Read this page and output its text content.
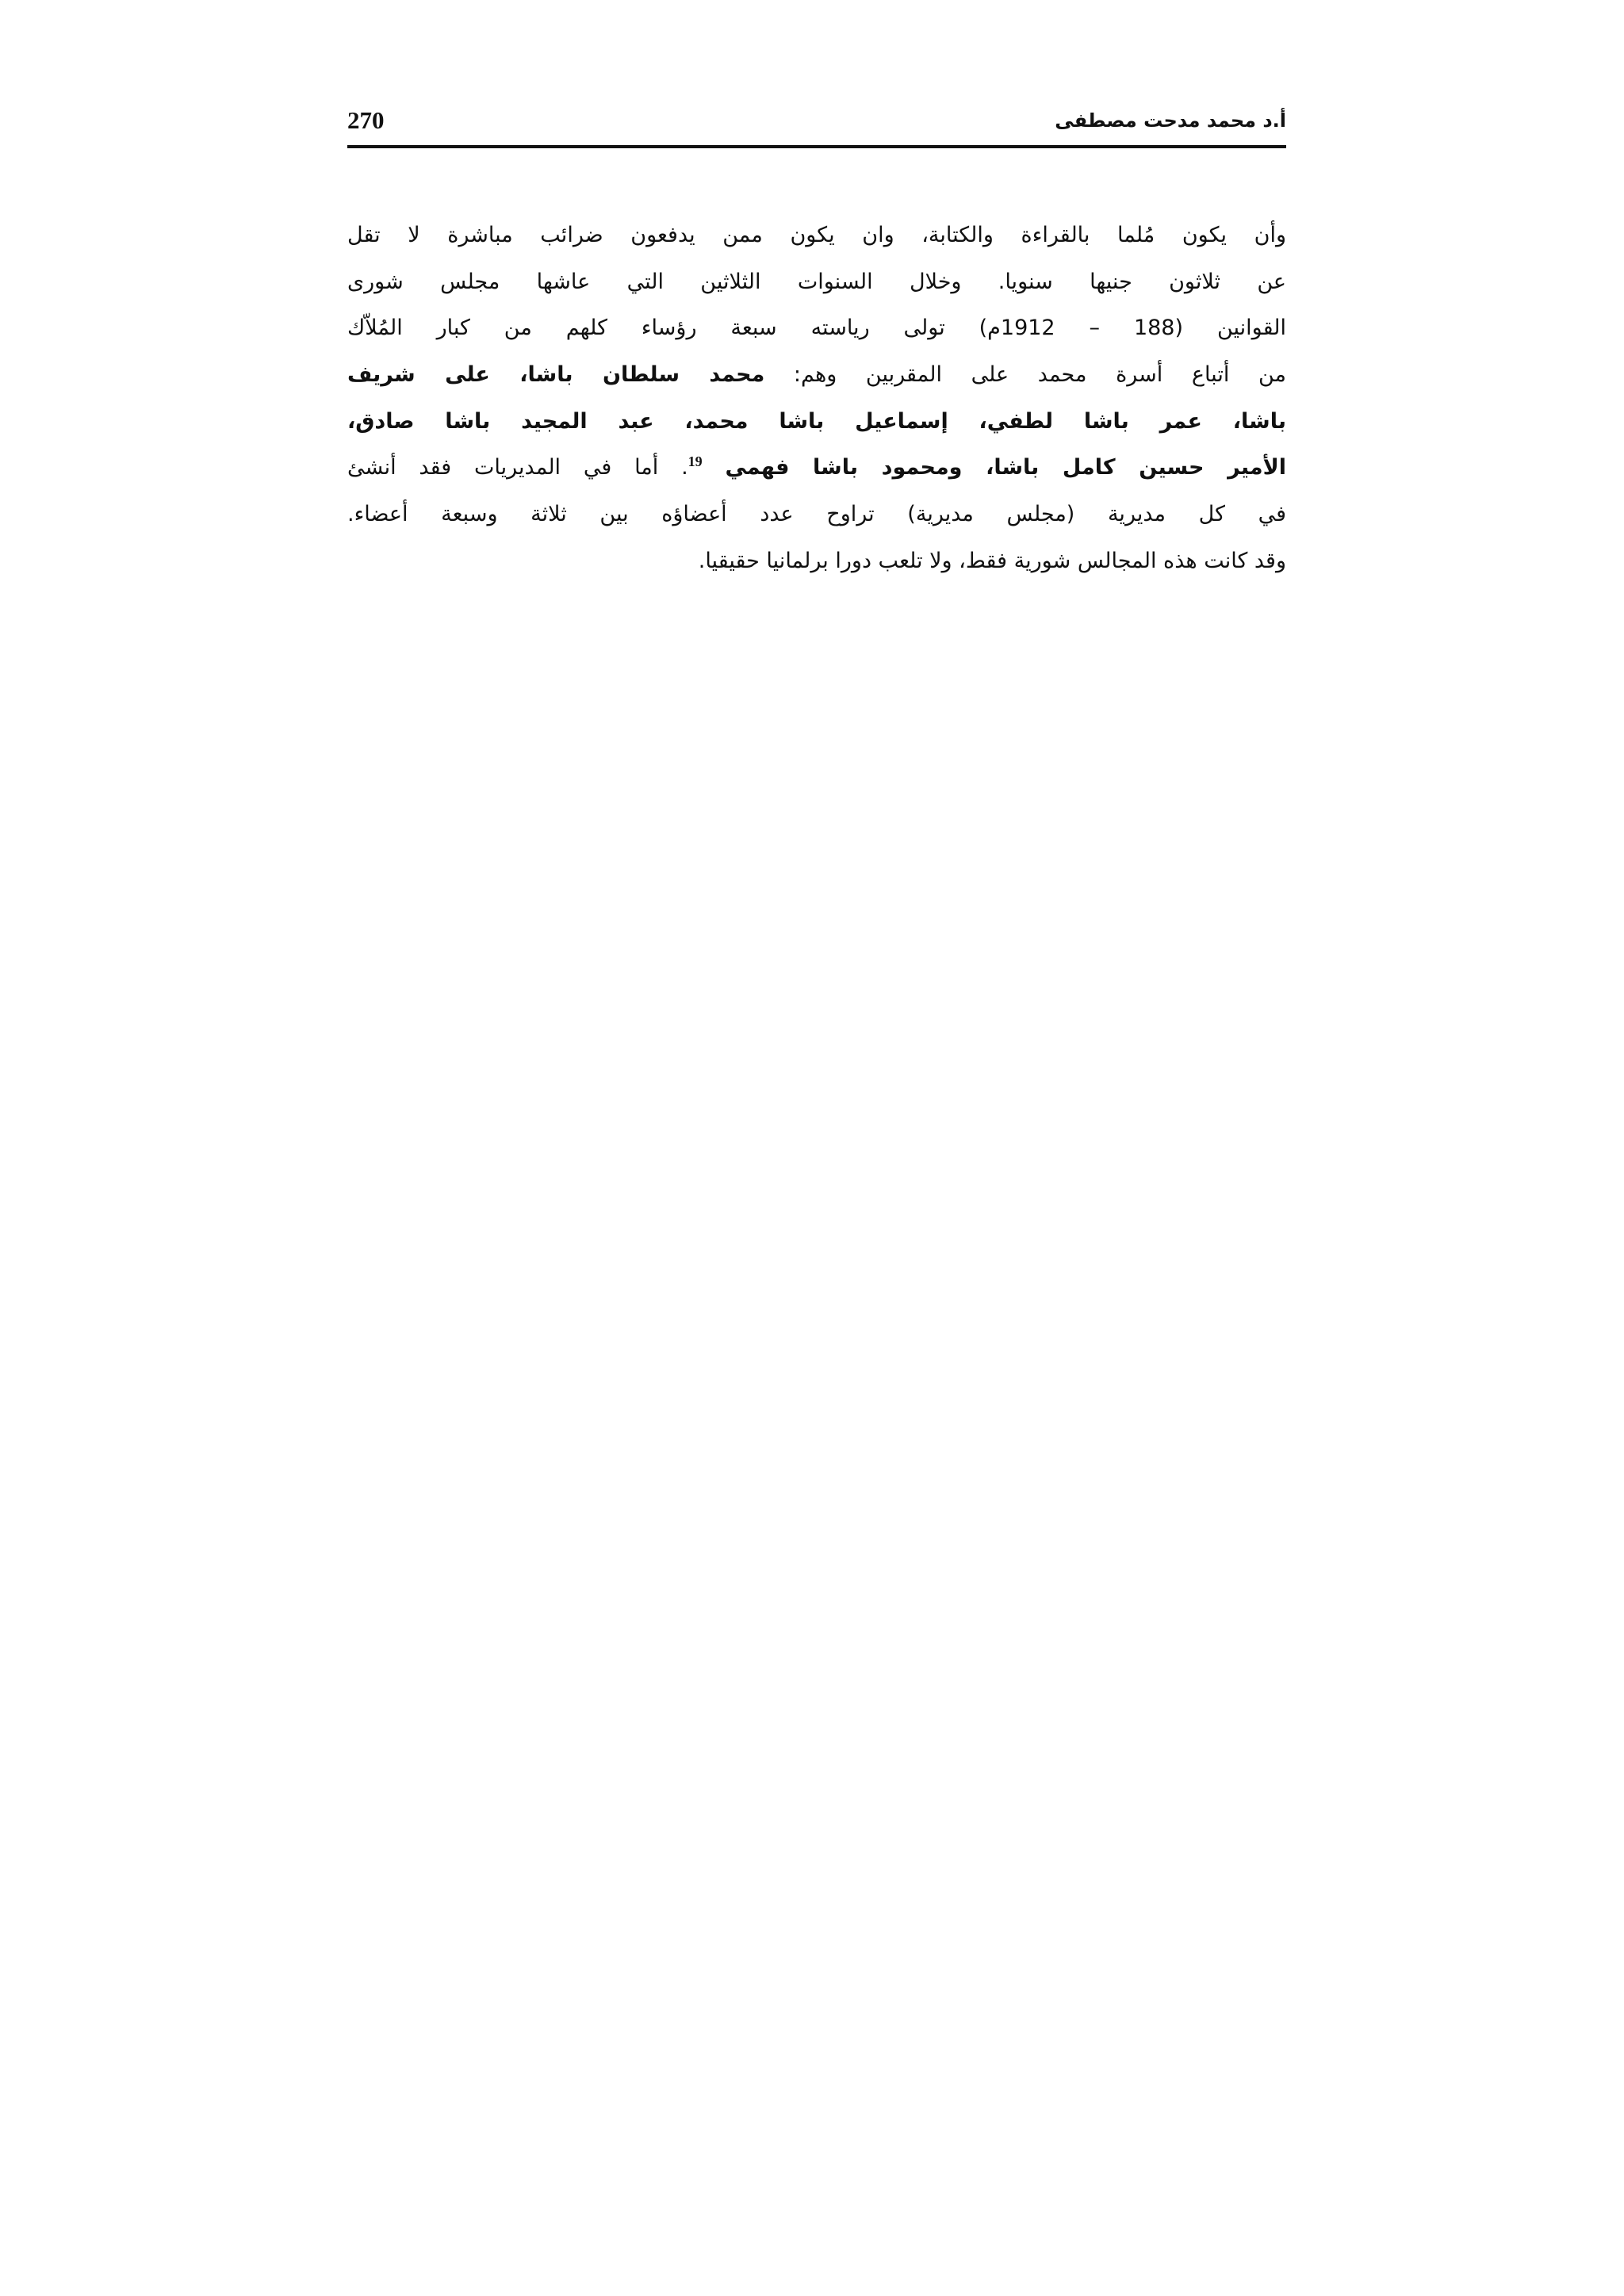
270	أ.د محمد مدحت مصطفى
وأن يكون مُلما بالقراءة والكتابة، وان يكون ممن يدفعون ضرائب مباشرة لا تقل
عن ثلاثون جنيها سنويا. وخلال السنوات الثلاثين التي عاشها مجلس شورى
القوانين (188 – 1912م) تولى رياسته سبعة رؤساء كلهم من كبار المُلاّك
من أتباع أسرة محمد على المقربين وهم: محمد سلطان باشا، على شريف
باشا، عمر باشا لطفي، إسماعيل باشا محمد، عبد المجيد باشا صادق،
الأمير حسين كامل باشا، ومحمود باشا فهمي $^{19}$. أما في المديريات فقد أنشئ
في كل مديرية (مجلس مديرية) تراوح عدد أعضاؤه بين ثلاثة وسبعة أعضاء.
وقد كانت هذه المجالس شورية فقط، ولا تلعب دورا برلمانيا حقيقيا.
